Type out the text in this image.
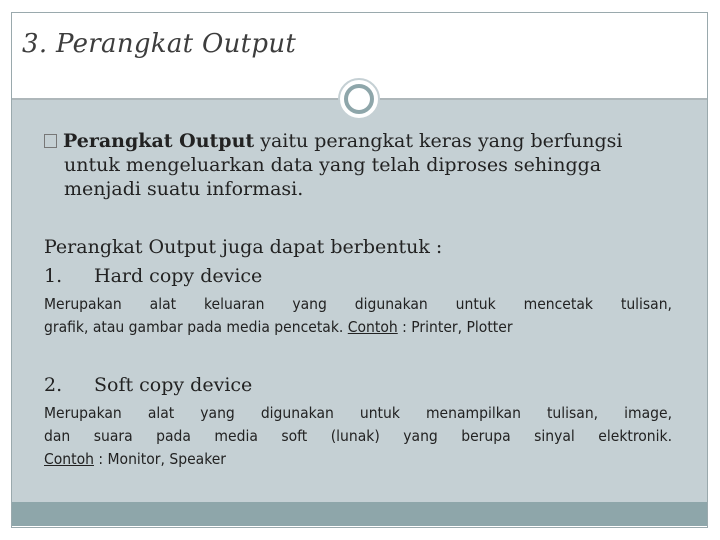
3. Perangkat Output
Perangkat Output yaitu perangkat keras yang berfungsi
untuk mengeluarkan data yang telah diproses sehingga
menjadi suatu informasi.
Perangkat Output juga dapat berbentuk :
1. Hard copy device
Merupakan alat keluaran yang digunakan untuk mencetak tulisan,
grafik, atau gambar pada media pencetak. Contoh : Printer, Plotter
2. Soft copy device
Merupakan alat yang digunakan untuk menampilkan tulisan, image,
dan suara pada media soft (lunak) yang berupa sinyal elektronik.
Contoh : Monitor, Speaker
